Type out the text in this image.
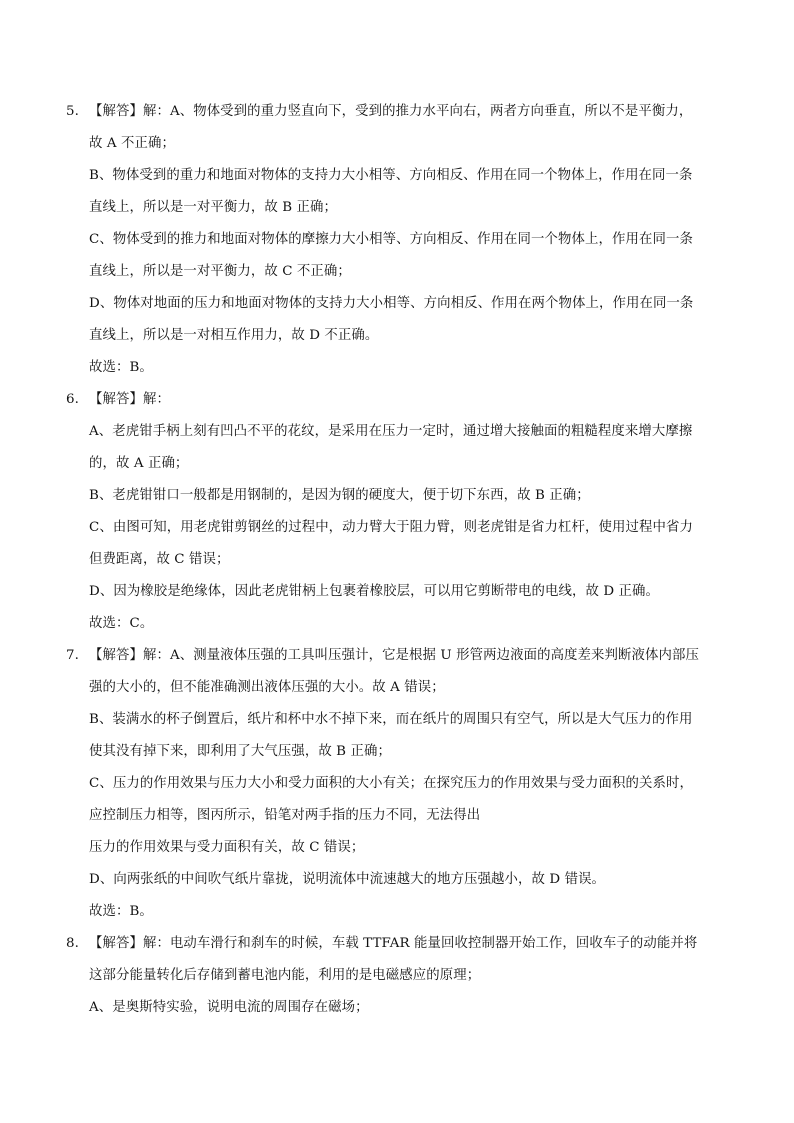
5. 【解答】解：A、物体受到的重力竖直向下，受到的推力水平向右，两者方向垂直，所以不是平衡力，
故 A 不正确；
B、物体受到的重力和地面对物体的支持力大小相等、方向相反、作用在同一个物体上，作用在同一条
直线上，所以是一对平衡力，故 B 正确；
C、物体受到的推力和地面对物体的摩擦力大小相等、方向相反、作用在同一个物体上，作用在同一条
直线上，所以是一对平衡力，故 C 不正确；
D、物体对地面的压力和地面对物体的支持力大小相等、方向相反、作用在两个物体上，作用在同一条
直线上，所以是一对相互作用力，故 D 不正确。
故选：B。
6. 【解答】解：
A、老虎钳手柄上刻有凹凸不平的花纹，是采用在压力一定时，通过增大接触面的粗糙程度来增大摩擦
的，故 A 正确；
B、老虎钳钳口一般都是用钢制的，是因为钢的硬度大，便于切下东西，故 B 正确；
C、由图可知，用老虎钳剪钢丝的过程中，动力臂大于阻力臂，则老虎钳是省力杠杆，使用过程中省力
但费距离，故 C 错误；
D、因为橡胶是绝缘体，因此老虎钳柄上包裹着橡胶层，可以用它剪断带电的电线，故 D 正确。
故选：C。
7. 【解答】解：A、测量液体压强的工具叫压强计，它是根据 U 形管两边液面的高度差来判断液体内部压
强的大小的，但不能准确测出液体压强的大小。故 A 错误；
B、装满水的杯子倒置后，纸片和杯中水不掉下来，而在纸片的周围只有空气，所以是大气压力的作用
使其没有掉下来，即利用了大气压强，故 B 正确；
C、压力的作用效果与压力大小和受力面积的大小有关；在探究压力的作用效果与受力面积的关系时，
应控制压力相等，图丙所示，铅笔对两手指的压力不同，无法得出
压力的作用效果与受力面积有关，故 C 错误；
D、向两张纸的中间吹气纸片靠拢，说明流体中流速越大的地方压强越小，故 D 错误。
故选：B。
8. 【解答】解：电动车滑行和刹车的时候，车载 TTFAR 能量回收控制器开始工作，回收车子的动能并将
这部分能量转化后存储到蓄电池内能，利用的是电磁感应的原理；
A、是奥斯特实验，说明电流的周围存在磁场；
